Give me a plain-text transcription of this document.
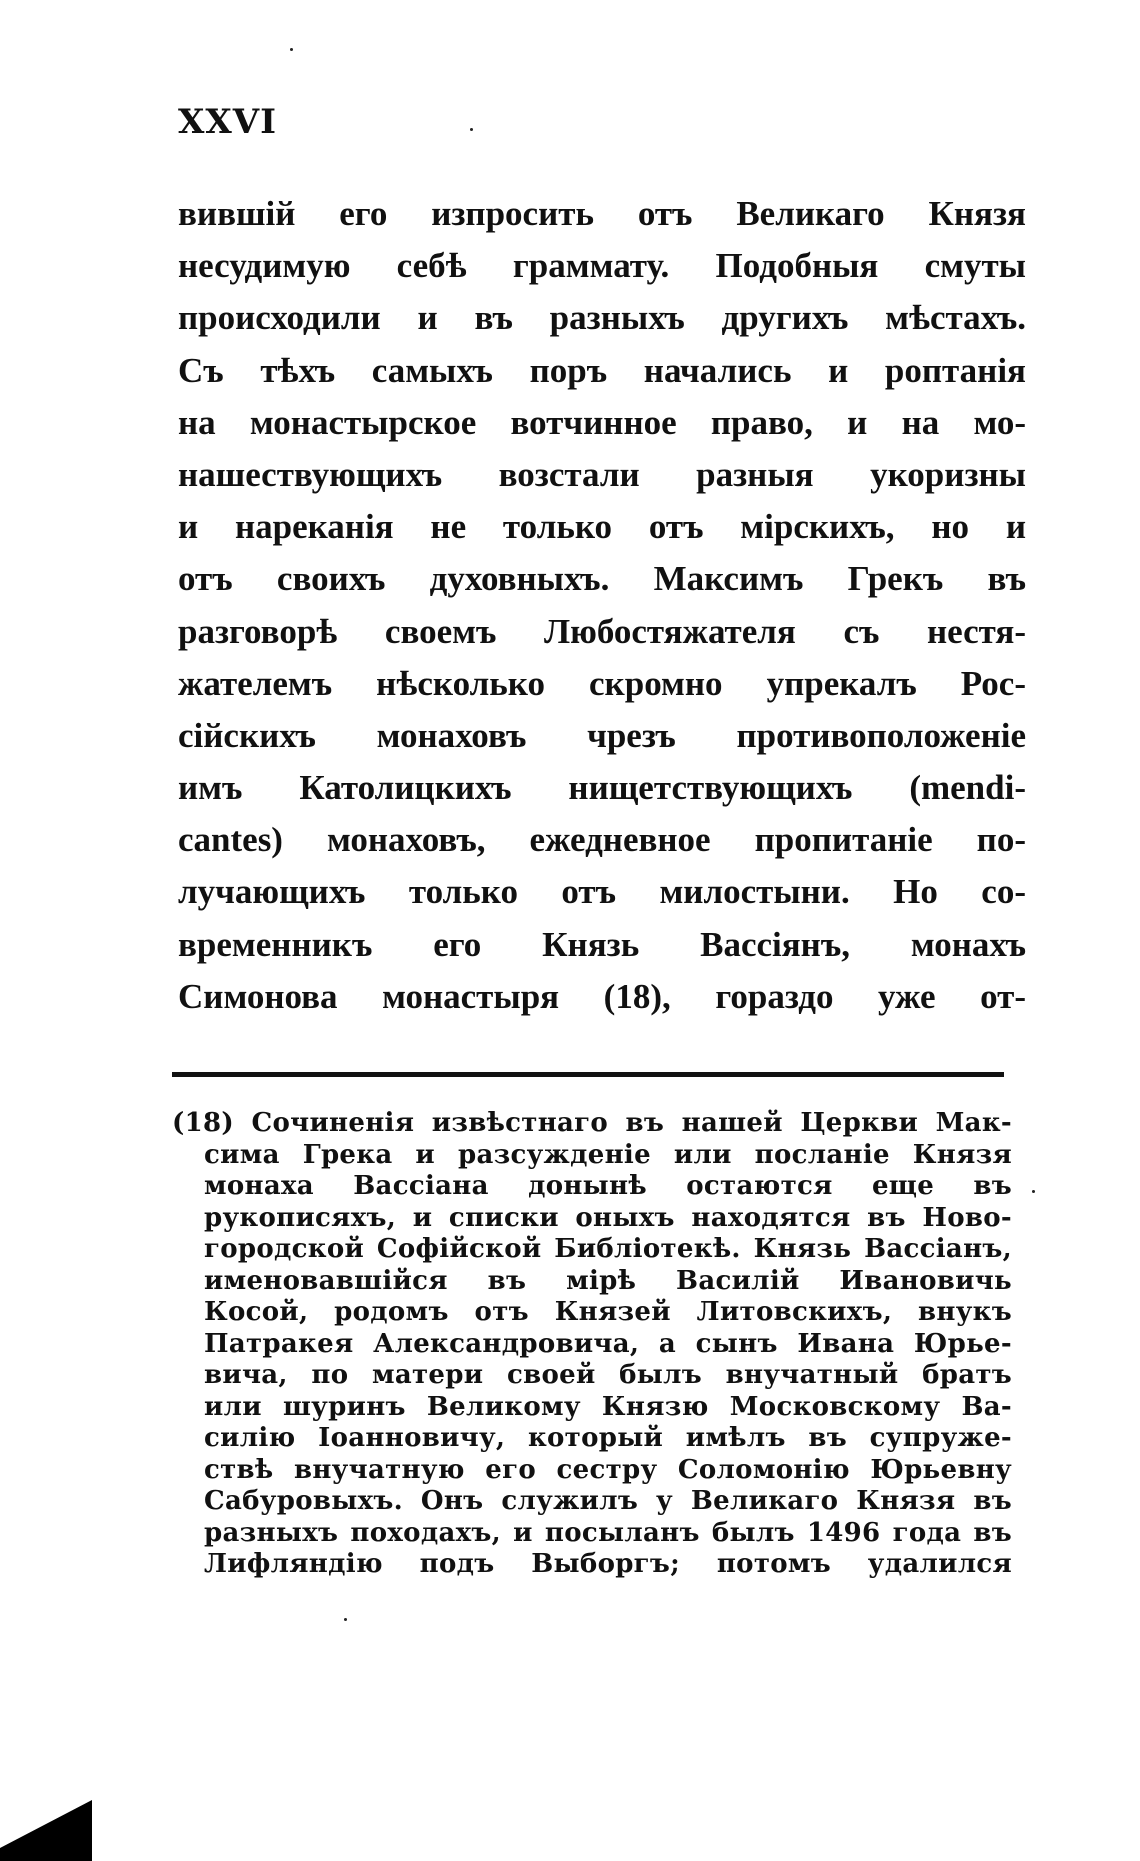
XXVI
вившій его изпросить отъ Великаго Князя
несудимую себѣ граммату. Подобныя смуты
происходили и въ разныхъ другихъ мѣстахъ.
Съ тѣхъ самыхъ поръ начались и роптанія
на монастырское вотчинное право, и на мо-
нашествующихъ возстали разныя укоризны
и нареканія не только отъ мірскихъ, но и
отъ своихъ духовныхъ. Максимъ Грекъ въ
разговорѣ своемъ Любостяжателя съ нестя-
жателемъ нѣсколько скромно упрекалъ Рос-
сійскихъ монаховъ чрезъ противоположеніе
имъ Католицкихъ нищетствующихъ (mendi-
cantes) монаховъ, ежедневное пропитаніе по-
лучающихъ только отъ милостыни. Но со-
временникъ его Князь Вассіянъ, монахъ
Симонова монастыря (18), гораздо уже от-
(18) Сочиненія извѣстнаго въ нашей Церкви Мак-
сима Грека и разсужденіе или посланіе Князя
монаха Вассіана донынѣ остаются еще въ
рукописяхъ, и списки оныхъ находятся въ Ново-
городской Софійской Библіотекѣ. Князь Вассіанъ,
именовавшійся въ мірѣ Василій Ивановичь
Косой, родомъ отъ Князей Литовскихъ, внукъ
Патракея Александровича, а сынъ Ивана Юрье-
вича, по матери своей былъ внучатный братъ
или шуринъ Великому Князю Московскому Ва-
силію Іоанновичу, который имѣлъ въ супруже-
ствѣ внучатную его сестру Соломонію Юрьевну
Сабуровыхъ. Онъ служилъ у Великаго Князя въ
разныхъ походахъ, и посыланъ былъ 1496 года въ
Лифляндію подъ Выборгъ; потомъ удалился
